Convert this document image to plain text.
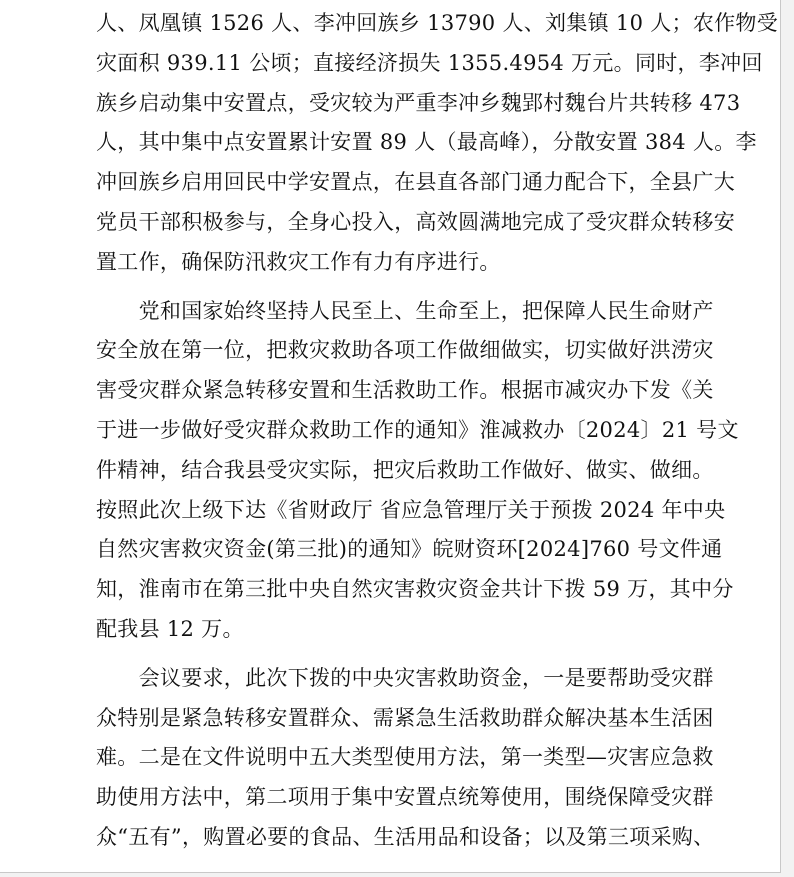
人、凤凰镇 1526 人、李冲回族乡 13790 人、刘集镇 10 人；农作物受
灾面积 939.11 公顷；直接经济损失 1355.4954 万元。同时，李冲回
族乡启动集中安置点，受灾较为严重李冲乡魏郢村魏台片共转移 473
人，其中集中点安置累计安置 89 人（最高峰），分散安置 384 人。李
冲回族乡启用回民中学安置点，在县直各部门通力配合下，全县广大
党员干部积极参与，全身心投入，高效圆满地完成了受灾群众转移安
置工作，确保防汛救灾工作有力有序进行。
　　党和国家始终坚持人民至上、生命至上，把保障人民生命财产
安全放在第一位，把救灾救助各项工作做细做实，切实做好洪涝灾
害受灾群众紧急转移安置和生活救助工作。根据市减灾办下发《关
于进一步做好受灾群众救助工作的通知》淮减救办〔2024〕21 号文
件精神，结合我县受灾实际，把灾后救助工作做好、做实、做细。
按照此次上级下达《省财政厅 省应急管理厅关于预拨 2024 年中央
自然灾害救灾资金(第三批)的通知》皖财资环[2024]760 号文件通
知，淮南市在第三批中央自然灾害救灾资金共计下拨 59 万，其中分
配我县 12 万。
　　会议要求，此次下拨的中央灾害救助资金，一是要帮助受灾群
众特别是紧急转移安置群众、需紧急生活救助群众解决基本生活困
难。二是在文件说明中五大类型使用方法，第一类型—灾害应急救
助使用方法中，第二项用于集中安置点统筹使用，围绕保障受灾群
众“五有”，购置必要的食品、生活用品和设备；以及第三项采购、
